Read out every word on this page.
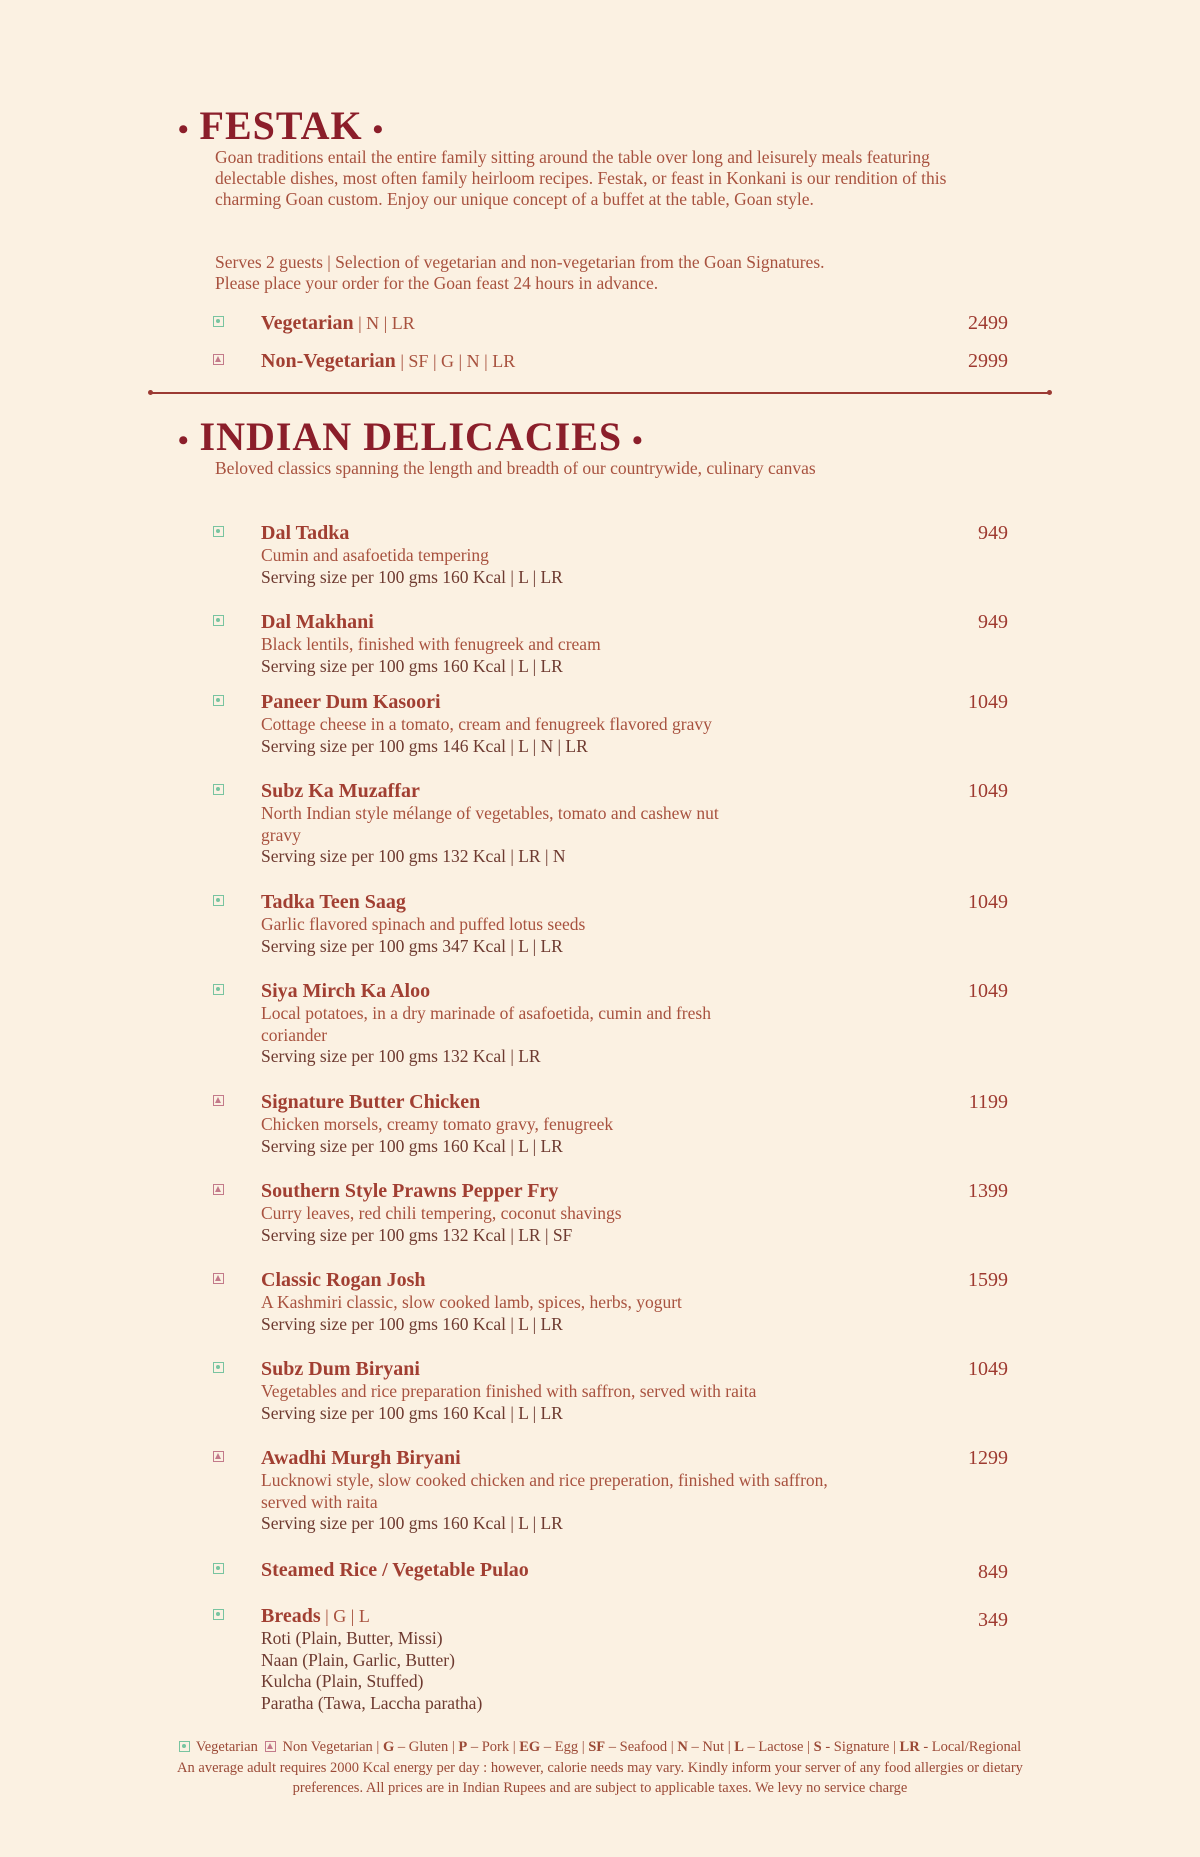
• FESTAK •
Goan traditions entail the entire family sitting around the table over long and leisurely meals featuring delectable dishes, most often family heirloom recipes. Festak, or feast in Konkani is our rendition of this charming Goan custom. Enjoy our unique concept of a buffet at the table, Goan style.
Serves 2 guests | Selection of vegetarian and non-vegetarian from the Goan Signatures.
Please place your order for the Goan feast 24 hours in advance.
Vegetarian | N | LR	2499
Non-Vegetarian | SF | G | N | LR	2999
• INDIAN DELICACIES •
Beloved classics spanning the length and breadth of our countrywide, culinary canvas
Dal Tadka	949
Cumin and asafoetida tempering
Serving size per 100 gms 160 Kcal | L | LR
Dal Makhani	949
Black lentils, finished with fenugreek and cream
Serving size per 100 gms 160 Kcal | L | LR
Paneer Dum Kasoori	1049
Cottage cheese in a tomato, cream and fenugreek flavored gravy
Serving size per 100 gms 146 Kcal | L | N | LR
Subz Ka Muzaffar	1049
North Indian style mélange of vegetables, tomato and cashew nut gravy
Serving size per 100 gms 132 Kcal | LR | N
Tadka Teen Saag	1049
Garlic flavored spinach and puffed lotus seeds
Serving size per 100 gms 347 Kcal | L | LR
Siya Mirch Ka Aloo	1049
Local potatoes, in a dry marinade of asafoetida, cumin and fresh coriander
Serving size per 100 gms 132 Kcal | LR
Signature Butter Chicken	1199
Chicken morsels, creamy tomato gravy, fenugreek
Serving size per 100 gms 160 Kcal | L | LR
Southern Style Prawns Pepper Fry	1399
Curry leaves, red chili tempering, coconut shavings
Serving size per 100 gms 132 Kcal | LR | SF
Classic Rogan Josh	1599
A Kashmiri classic, slow cooked lamb, spices, herbs, yogurt
Serving size per 100 gms 160 Kcal | L | LR
Subz Dum Biryani	1049
Vegetables and rice preparation finished with saffron, served with raita
Serving size per 100 gms 160 Kcal | L | LR
Awadhi Murgh Biryani	1299
Lucknowi style, slow cooked chicken and rice preperation, finished with saffron, served with raita
Serving size per 100 gms 160 Kcal | L | LR
Steamed Rice / Vegetable Pulao	849
Breads | G | L	349
Roti (Plain, Butter, Missi)
Naan (Plain, Garlic, Butter)
Kulcha (Plain, Stuffed)
Paratha (Tawa, Laccha paratha)
Vegetarian Non Vegetarian | G – Gluten | P – Pork | EG – Egg | SF – Seafood | N – Nut | L – Lactose | S - Signature | LR - Local/Regional
An average adult requires 2000 Kcal energy per day : however, calorie needs may vary. Kindly inform your server of any food allergies or dietary
preferences. All prices are in Indian Rupees and are subject to applicable taxes. We levy no service charge
